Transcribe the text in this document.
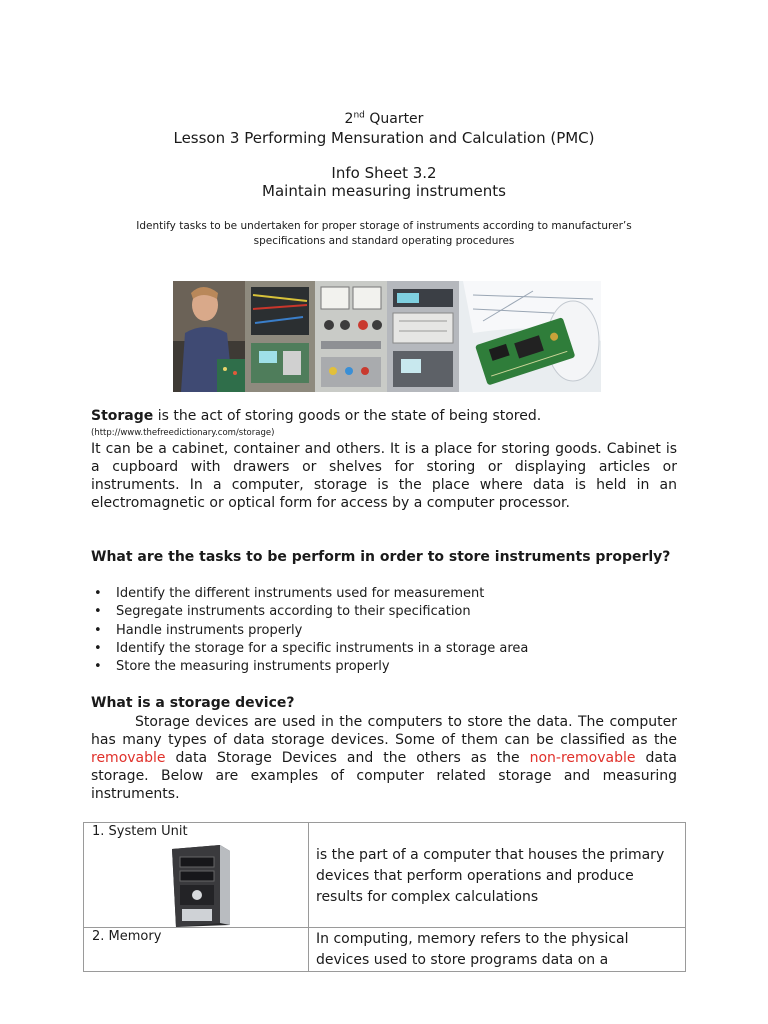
2nd Quarter
Lesson 3 Performing Mensuration and Calculation (PMC)
Info Sheet 3.2
Maintain measuring instruments
Identify tasks to be undertaken for proper storage of instruments according to manufacturer’s specifications and standard operating procedures
Storage is the act of storing goods or the state of being stored.
(http://www.thefreedictionary.com/storage)
It can be a cabinet, container and others. It is a place for storing goods. Cabinet is a cupboard with drawers or shelves for storing or displaying articles or instruments. In a computer, storage is the place where data is held in an electromagnetic or optical form for access by a computer processor.
What are the tasks to be perform in order to store instruments properly?
• Identify the different instruments used for measurement
• Segregate instruments according to their specification
• Handle instruments properly
• Identify the storage for a specific instruments in a storage area
• Store the measuring instruments properly
What is a storage device?
Storage devices are used in the computers to store the data. The computer has many types of data storage devices. Some of them can be classified as the removable data Storage Devices and the others as the non-removable data storage. Below are examples of computer related storage and measuring instruments.
1. System Unit	is the part of a computer that houses the primary devices that perform operations and produce results for complex calculations

2. Memory	In computing, memory refers to the physical devices used to store programs data on a
